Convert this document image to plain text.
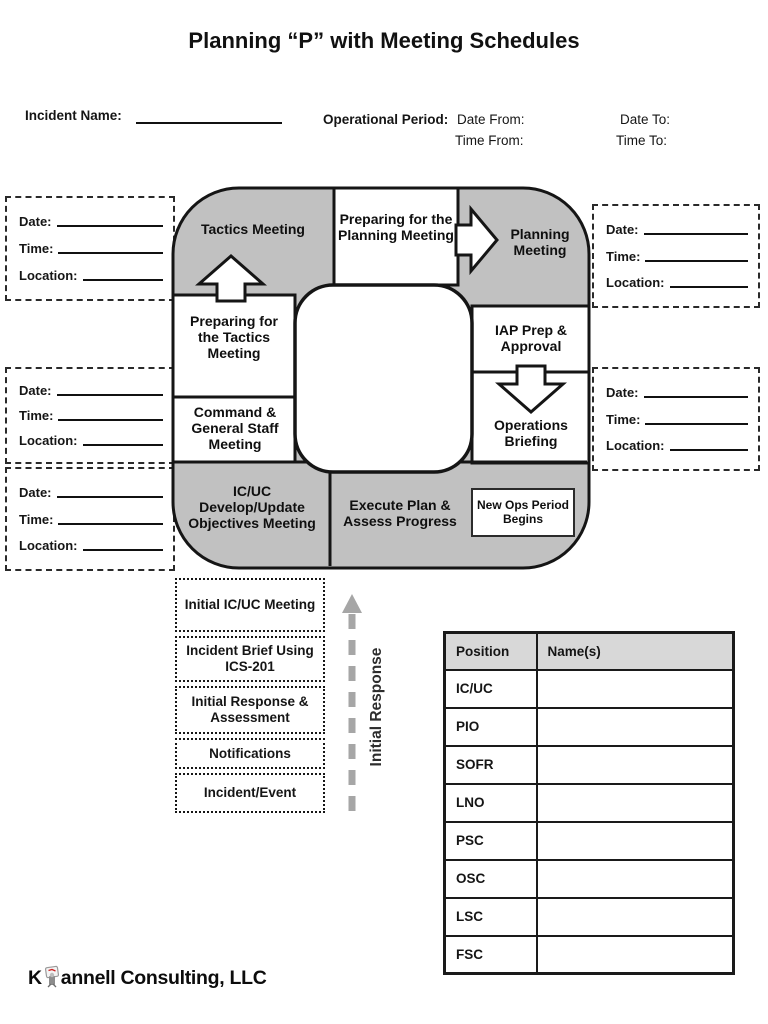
Planning “P” with Meeting Schedules
Incident Name:	Operational Period: Date From:
Time From:
Date To:
Time To:
Date:
Time:
Location:
Date:
Time:
Location:
Date:
Time:
Location:
Date:
Time:
Location:
Date:
Time:
Location:
Tactics Meeting
Preparing for the Planning Meeting	Planning Meeting
Preparing for the Tactics Meeting
IAP Prep & Approval
Command & General Staff Meeting
Operations Briefing
IC/UC Develop/Update Objectives Meeting
Execute Plan & Assess Progress
New Ops Period Begins
Initial IC/UC Meeting
Incident Brief Using ICS-201
Initial Response & Assessment
Notifications
Incident/Event
Initial Response	Position	Name(s)
IC/UC	
PIO	
SOFR	
LNO	
PSC	
OSC	
LSC	
FSC	
K annell Consulting, LLC
